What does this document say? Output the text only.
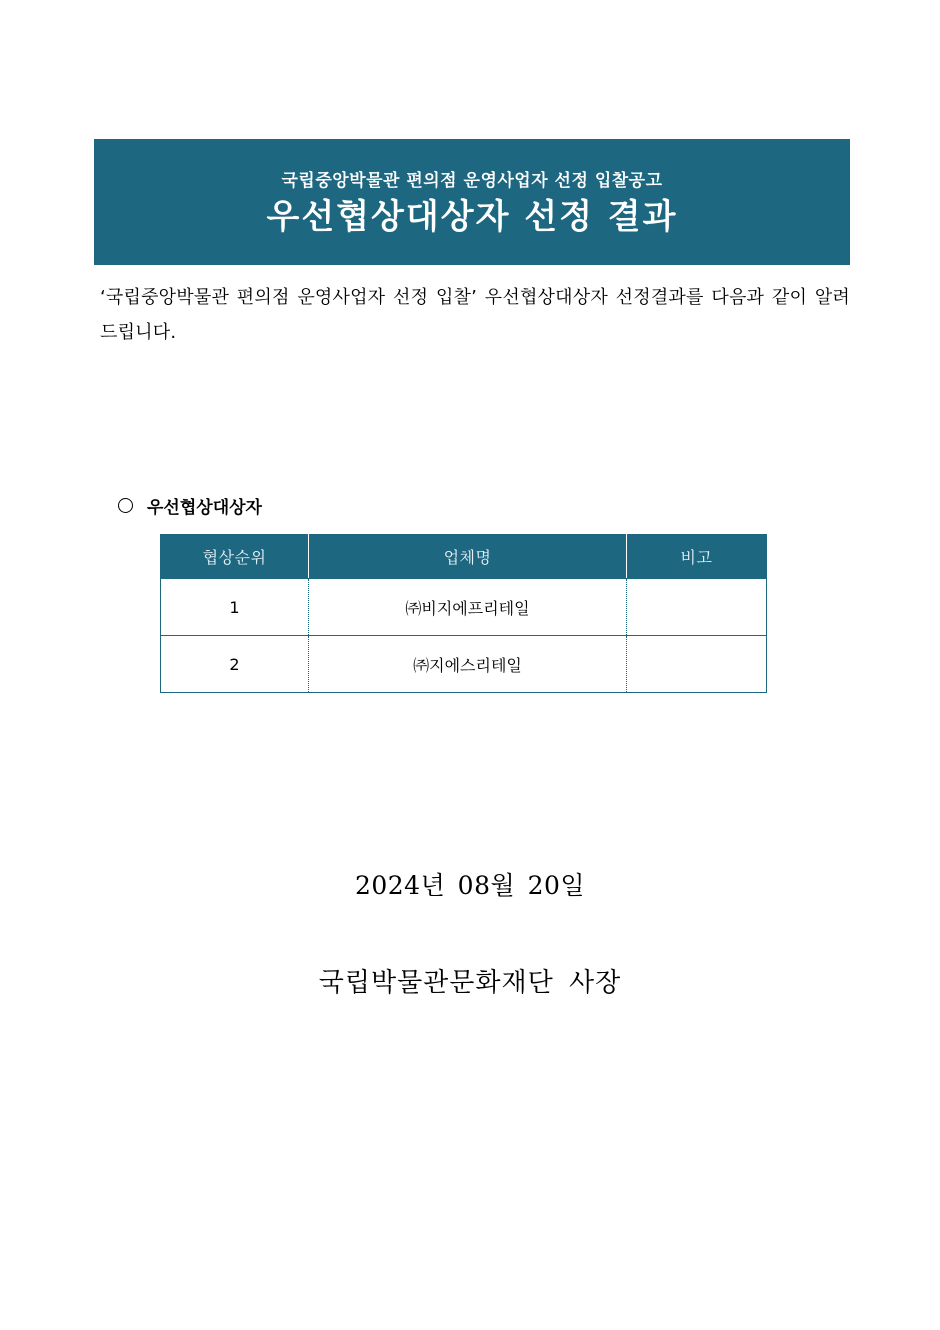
국립중앙박물관 편의점 운영사업자 선정 입찰공고
우선협상대상자 선정 결과
‘국립중앙박물관 편의점 운영사업자 선정 입찰’ 우선협상대상자 선정결과를 다음과 같이 알려드립니다.
우선협상대상자
협상순위	업체명	비고
1	㈜비지에프리테일	
2	㈜지에스리테일	
2024년 08월 20일
국립박물관문화재단 사장
